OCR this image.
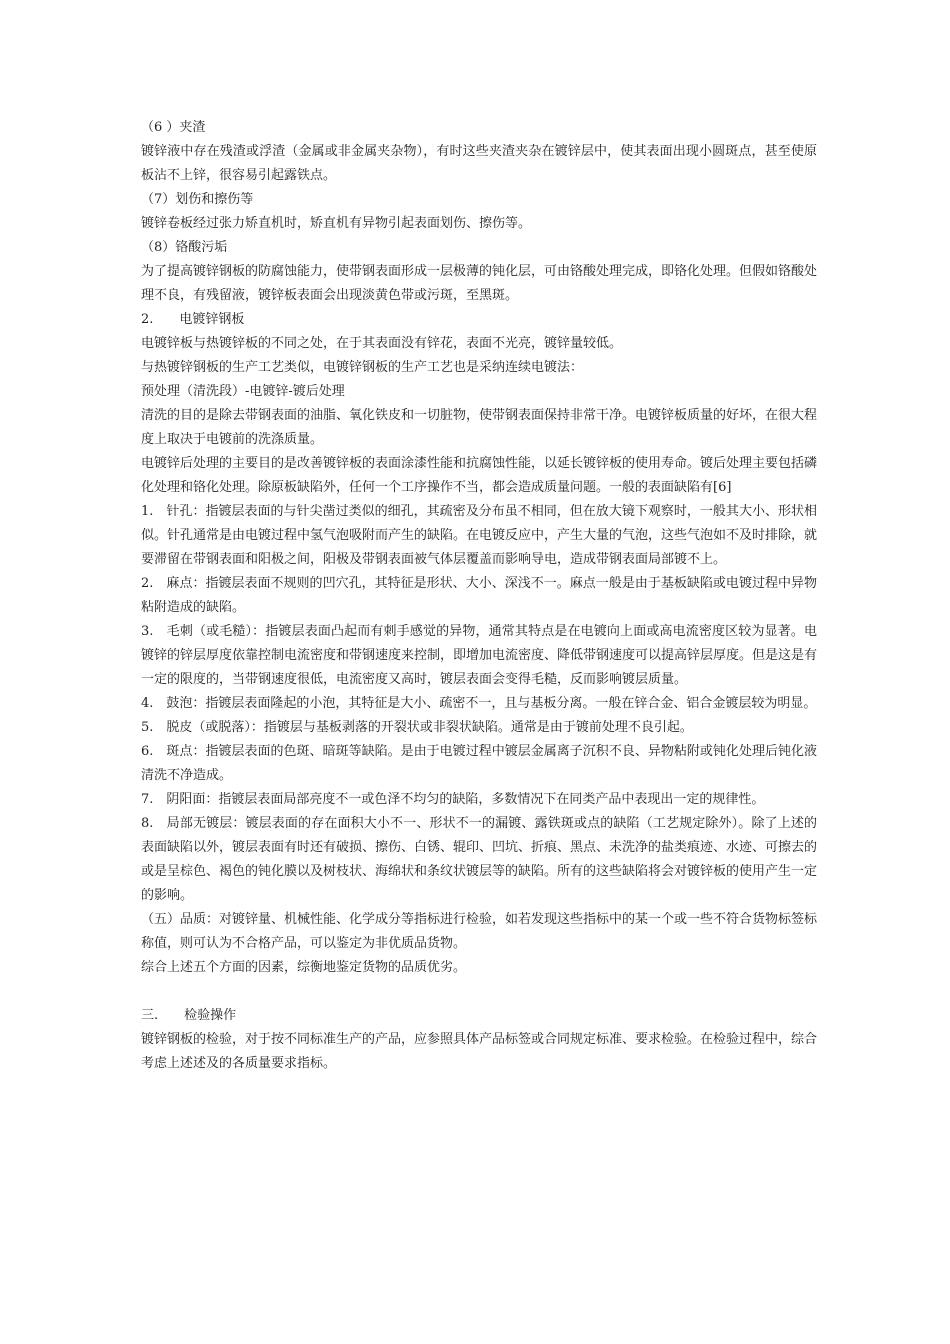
（6 ）夹渣

镀锌液中存在残渣或浮渣（金属或非金属夹杂物），有时这些夹渣夹杂在镀锌层中，使其表面出现小圆斑点，甚至使原板沾不上锌，很容易引起露铁点。

（7）划伤和擦伤等

镀锌卷板经过张力矫直机时，矫直机有异物引起表面划伤、擦伤等。

（8）铬酸污垢

为了提高镀锌钢板的防腐蚀能力，使带钢表面形成一层极薄的钝化层，可由铬酸处理完成，即铬化处理。但假如铬酸处理不良，有残留液，镀锌板表面会出现淡黄色带或污斑，至黑斑。

2.　　电镀锌钢板

电镀锌板与热镀锌板的不同之处，在于其表面没有锌花，表面不光亮，镀锌量较低。

与热镀锌钢板的生产工艺类似，电镀锌钢板的生产工艺也是采纳连续电镀法：

预处理（清洗段）-电镀锌-镀后处理

清洗的目的是除去带钢表面的油脂、氧化铁皮和一切脏物，使带钢表面保持非常干净。电镀锌板质量的好坏，在很大程度上取决于电镀前的洗涤质量。

电镀锌后处理的主要目的是改善镀锌板的表面涂漆性能和抗腐蚀性能，以延长镀锌板的使用寿命。镀后处理主要包括磷化处理和铬化处理。除原板缺陷外，任何一个工序操作不当，都会造成质量问题。一般的表面缺陷有[6]

1.　针孔：指镀层表面的与针尖凿过类似的细孔，其疏密及分布虽不相同，但在放大镜下观察时，一般其大小、形状相似。针孔通常是由电镀过程中氢气泡吸附而产生的缺陷。在电镀反应中，产生大量的气泡，这些气泡如不及时排除，就要滞留在带钢表面和阳极之间，阳极及带钢表面被气体层覆盖而影响导电，造成带钢表面局部镀不上。

2.　麻点：指镀层表面不规则的凹穴孔，其特征是形状、大小、深浅不一。麻点一般是由于基板缺陷或电镀过程中异物粘附造成的缺陷。

3.　毛刺（或毛糙）：指镀层表面凸起而有刺手感觉的异物，通常其特点是在电镀向上面或高电流密度区较为显著。电镀锌的锌层厚度依靠控制电流密度和带钢速度来控制，即增加电流密度、降低带钢速度可以提高锌层厚度。但是这是有一定的限度的，当带钢速度很低，电流密度又高时，镀层表面会变得毛糙，反而影响镀层质量。

4.　鼓泡：指镀层表面隆起的小泡，其特征是大小、疏密不一，且与基板分离。一般在锌合金、铝合金镀层较为明显。

5.　脱皮（或脱落）：指镀层与基板剥落的开裂状或非裂状缺陷。通常是由于镀前处理不良引起。

6.　斑点：指镀层表面的色斑、暗斑等缺陷。是由于电镀过程中镀层金属离子沉积不良、异物粘附或钝化处理后钝化液清洗不净造成。

7.　阴阳面：指镀层表面局部亮度不一或色泽不均匀的缺陷，多数情况下在同类产品中表现出一定的规律性。

8.　局部无镀层：镀层表面的存在面积大小不一、形状不一的漏镀、露铁斑或点的缺陷（工艺规定除外）。除了上述的表面缺陷以外，镀层表面有时还有破损、擦伤、白锈、辊印、凹坑、折痕、黑点、未洗净的盐类痕迹、水迹、可擦去的或是呈棕色、褐色的钝化膜以及树枝状、海绵状和条纹状镀层等的缺陷。所有的这些缺陷将会对镀锌板的使用产生一定的影响。

（五）品质：对镀锌量、机械性能、化学成分等指标进行检验，如若发现这些指标中的某一个或一些不符合货物标签标称值，则可认为不合格产品，可以鉴定为非优质品货物。

综合上述五个方面的因素，综衡地鉴定货物的品质优劣。

三.　　检验操作

镀锌钢板的检验，对于按不同标准生产的产品，应参照具体产品标签或合同规定标准、要求检验。在检验过程中，综合考虑上述述及的各质量要求指标。
